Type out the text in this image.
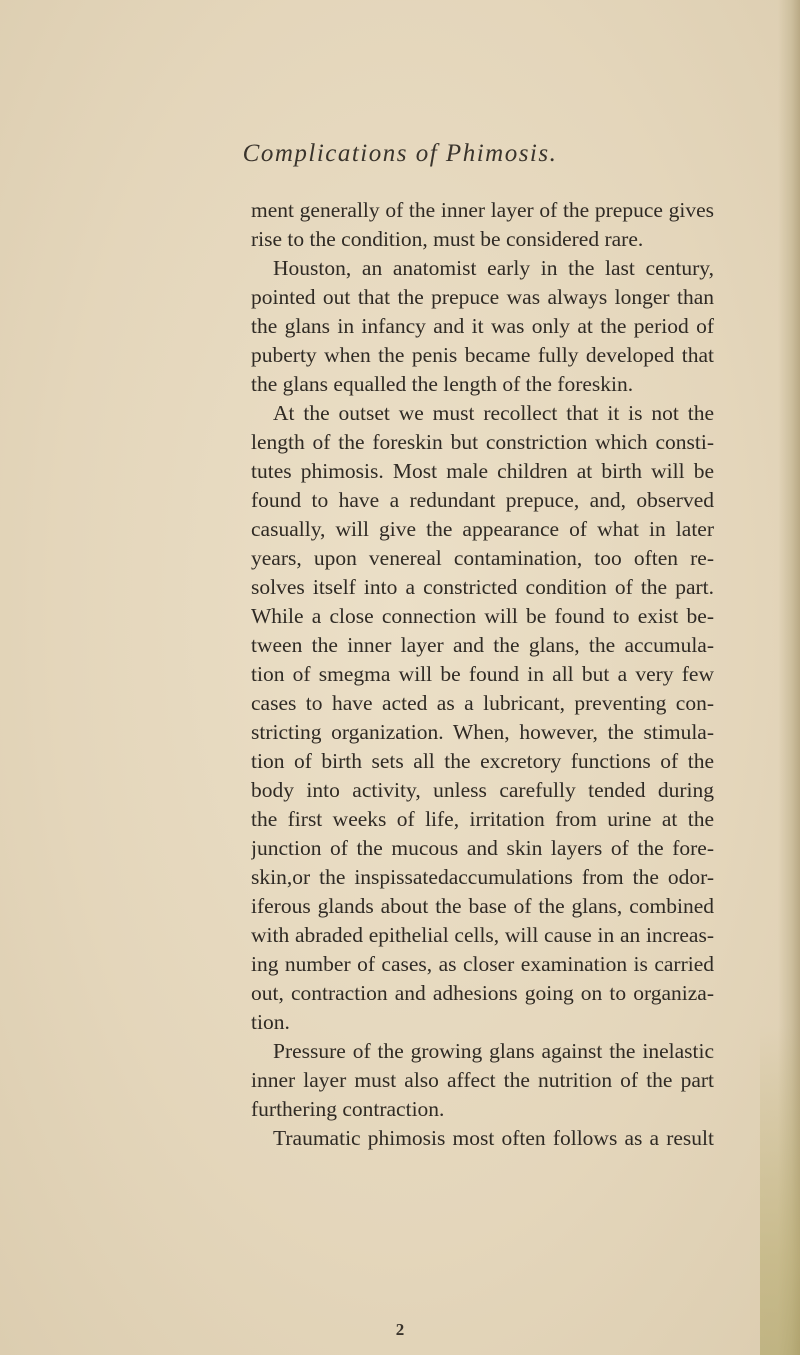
Complications of Phimosis.
ment generally of the inner layer of the prepuce gives
rise to the condition, must be considered rare.
Houston, an anatomist early in the last century,
pointed out that the prepuce was always longer than
the glans in infancy and it was only at the period of
puberty when the penis became fully developed that
the glans equalled the length of the foreskin.
At the outset we must recollect that it is not the
length of the foreskin but constriction which consti-
tutes phimosis. Most male children at birth will be
found to have a redundant prepuce, and, observed
casually, will give the appearance of what in later
years, upon venereal contamination, too often re-
solves itself into a constricted condition of the part.
While a close connection will be found to exist be-
tween the inner layer and the glans, the accumula-
tion of smegma will be found in all but a very few
cases to have acted as a lubricant, preventing con-
stricting organization. When, however, the stimula-
tion of birth sets all the excretory functions of the
body into activity, unless carefully tended during
the first weeks of life, irritation from urine at the
junction of the mucous and skin layers of the fore-
skin,or the inspissatedaccumulations from the odor-
iferous glands about the base of the glans, combined
with abraded epithelial cells, will cause in an increas-
ing number of cases, as closer examination is carried
out, contraction and adhesions going on to organiza-
tion.
Pressure of the growing glans against the inelastic
inner layer must also affect the nutrition of the part
furthering contraction.
Traumatic phimosis most often follows as a result
2
